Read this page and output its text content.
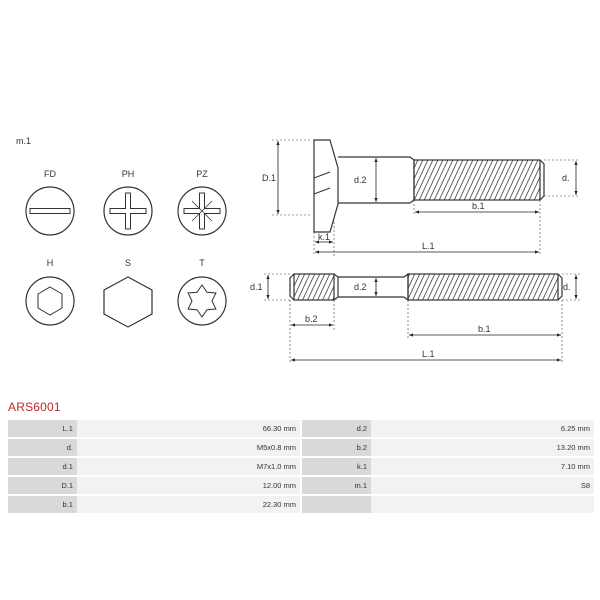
m.1
FD	PH	PZ
H	S	T
D.1	d.2	d.
b.1
k.1
L.1
d.1	d.2	d.
b.2
b.1
L.1
ARS6001
L.1	66.30 mm		d.2	6.25 mm
d.	M5x0.8 mm		b.2	13.20 mm
d.1	M7x1.0 mm		k.1	7.10 mm
D.1	12.00 mm		m.1	S8
b.1	22.30 mm			
